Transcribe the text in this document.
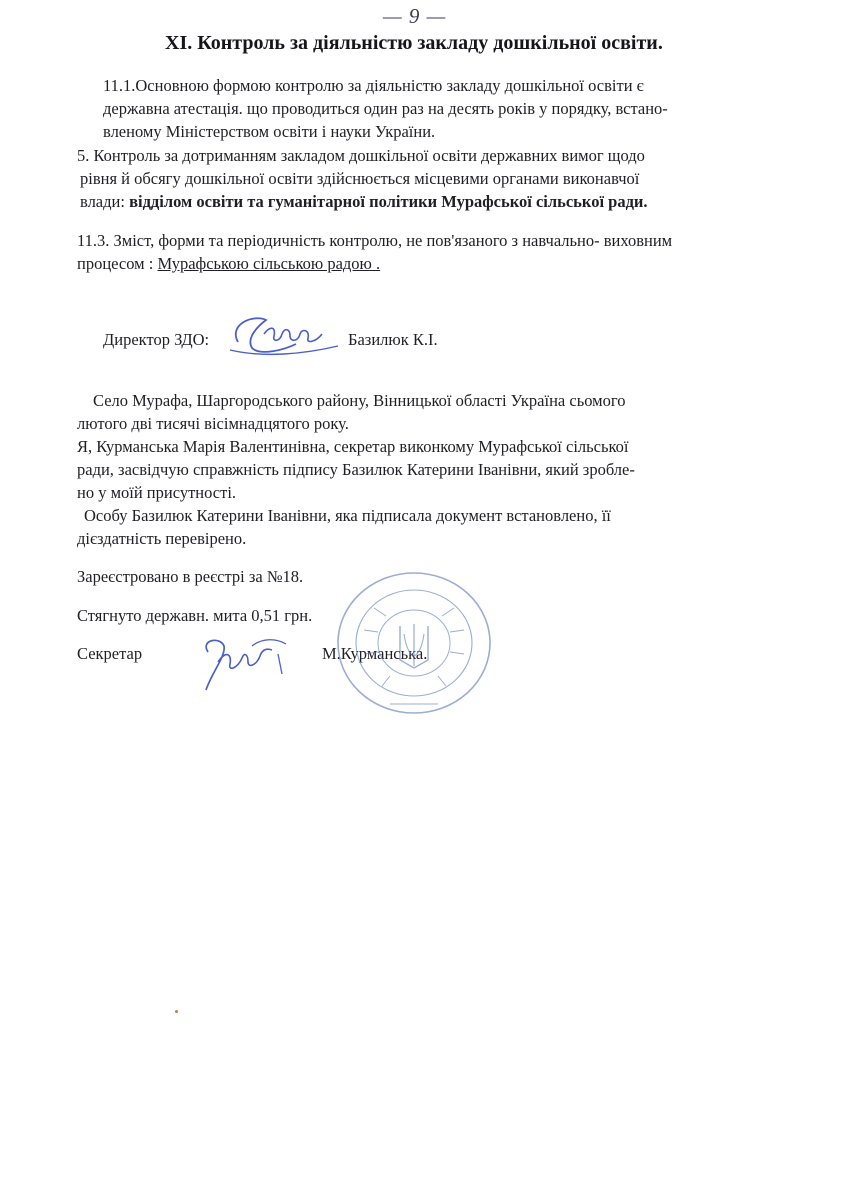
— 9 —
XI. Контроль за діяльністю закладу дошкільної освіти.
11.1.Основною формою контролю за діяльністю закладу дошкільної освіти є
державна атестація. що проводиться один раз на десять років у порядку, встано-
вленому Міністерством освіти і науки України.
5. Контроль за дотриманням закладом дошкільної освіти державних вимог щодо
рівня й обсягу дошкільної освіти здійснюється місцевими органами виконавчої
влади: відділом освіти та гуманітарної політики Мурафської сільської ради.
11.3. Зміст, форми та періодичність контролю, не пов'язаного з навчально- виховним
процесом : Мурафською сільською радою .
Директор ЗДО:	Базилюк К.І.
Село Мурафа, Шаргородського району, Вінницької області Україна сьомого
лютого дві тисячі вісімнадцятого року.
Я, Курманська Марія Валентинівна, секретар виконкому Мурафської сільської
ради, засвідчую справжність підпису Базилюк Катерини Іванівни, який зробле-
но у моїй присутності.
Особу Базилюк Катерини Іванівни, яка підписала документ встановлено, її
дієздатність перевірено.
Зареєстровано в реєстрі за №18.
Стягнуто державн. мита 0,51 грн.
Секретар	М.Курманська.
